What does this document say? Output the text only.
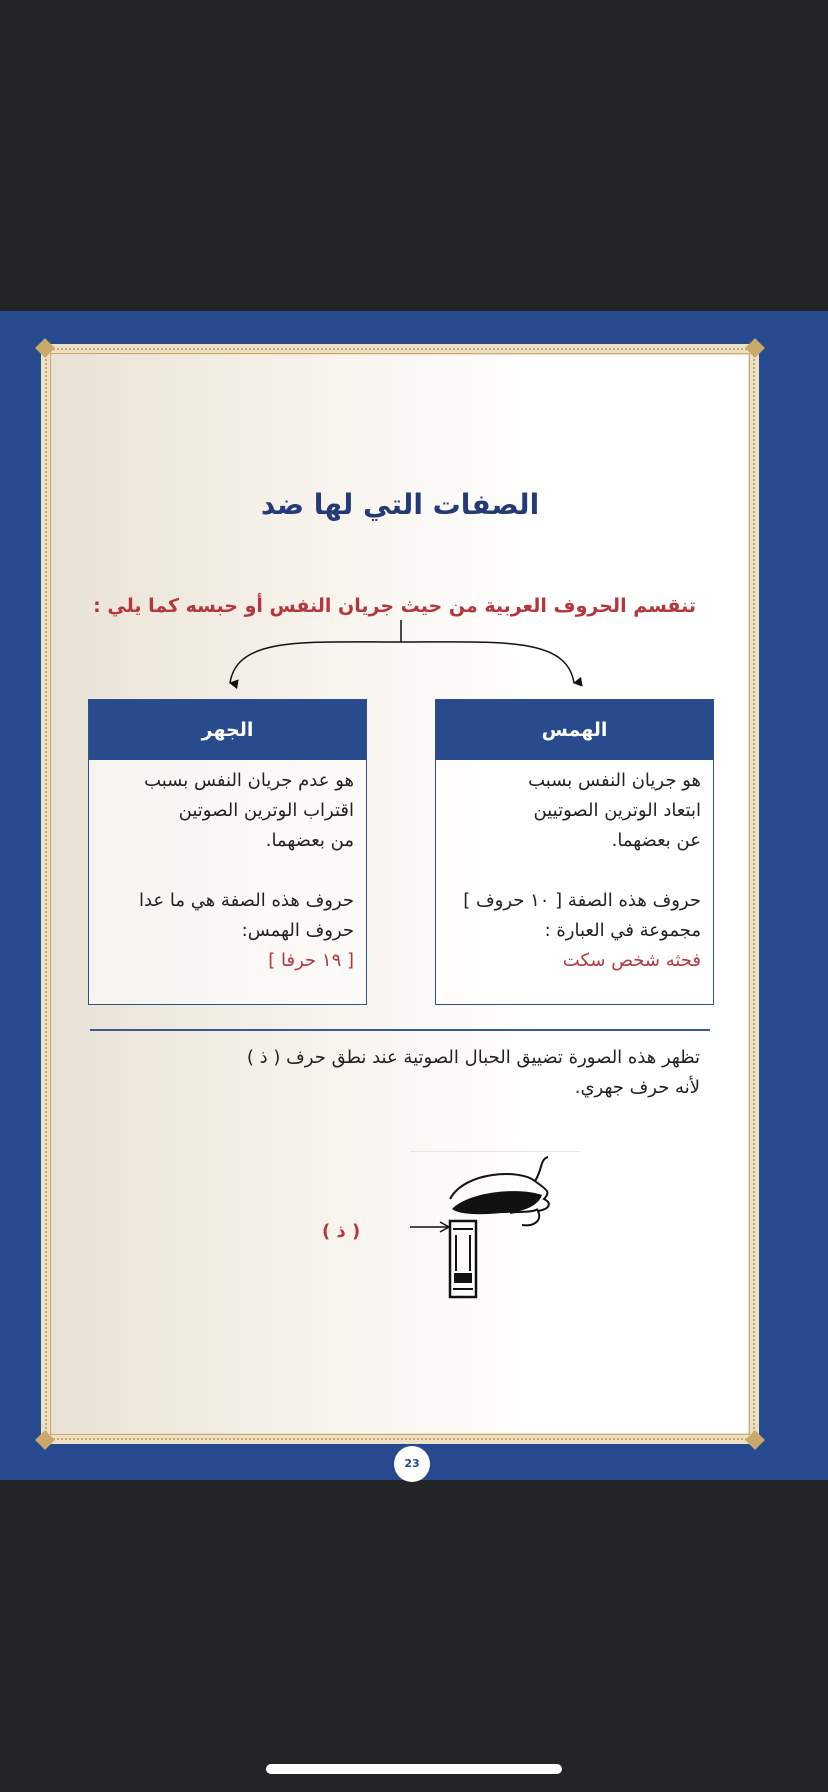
الصفات التي لها ضد
تنقسم الحروف العربية من حيث جريان النفس أو حبسه كما يلي :
الهمس
هو جريان النفس بسبب
ابتعاد الوترين الصوتيين
عن بعضهما.
حروف هذه الصفة [ ١٠ حروف ]
مجموعة في العبارة :
فحثه شخص سكت
الجهر
هو عدم جريان النفس بسبب
اقتراب الوترين الصوتين
من بعضهما.
حروف هذه الصفة هي ما عدا
حروف الهمس:
[ ١٩ حرفا ]
تظهر هذه الصورة تضييق الحبال الصوتية عند نطق حرف ( ذ )
لأنه حرف جهري.
( ذ )
23
